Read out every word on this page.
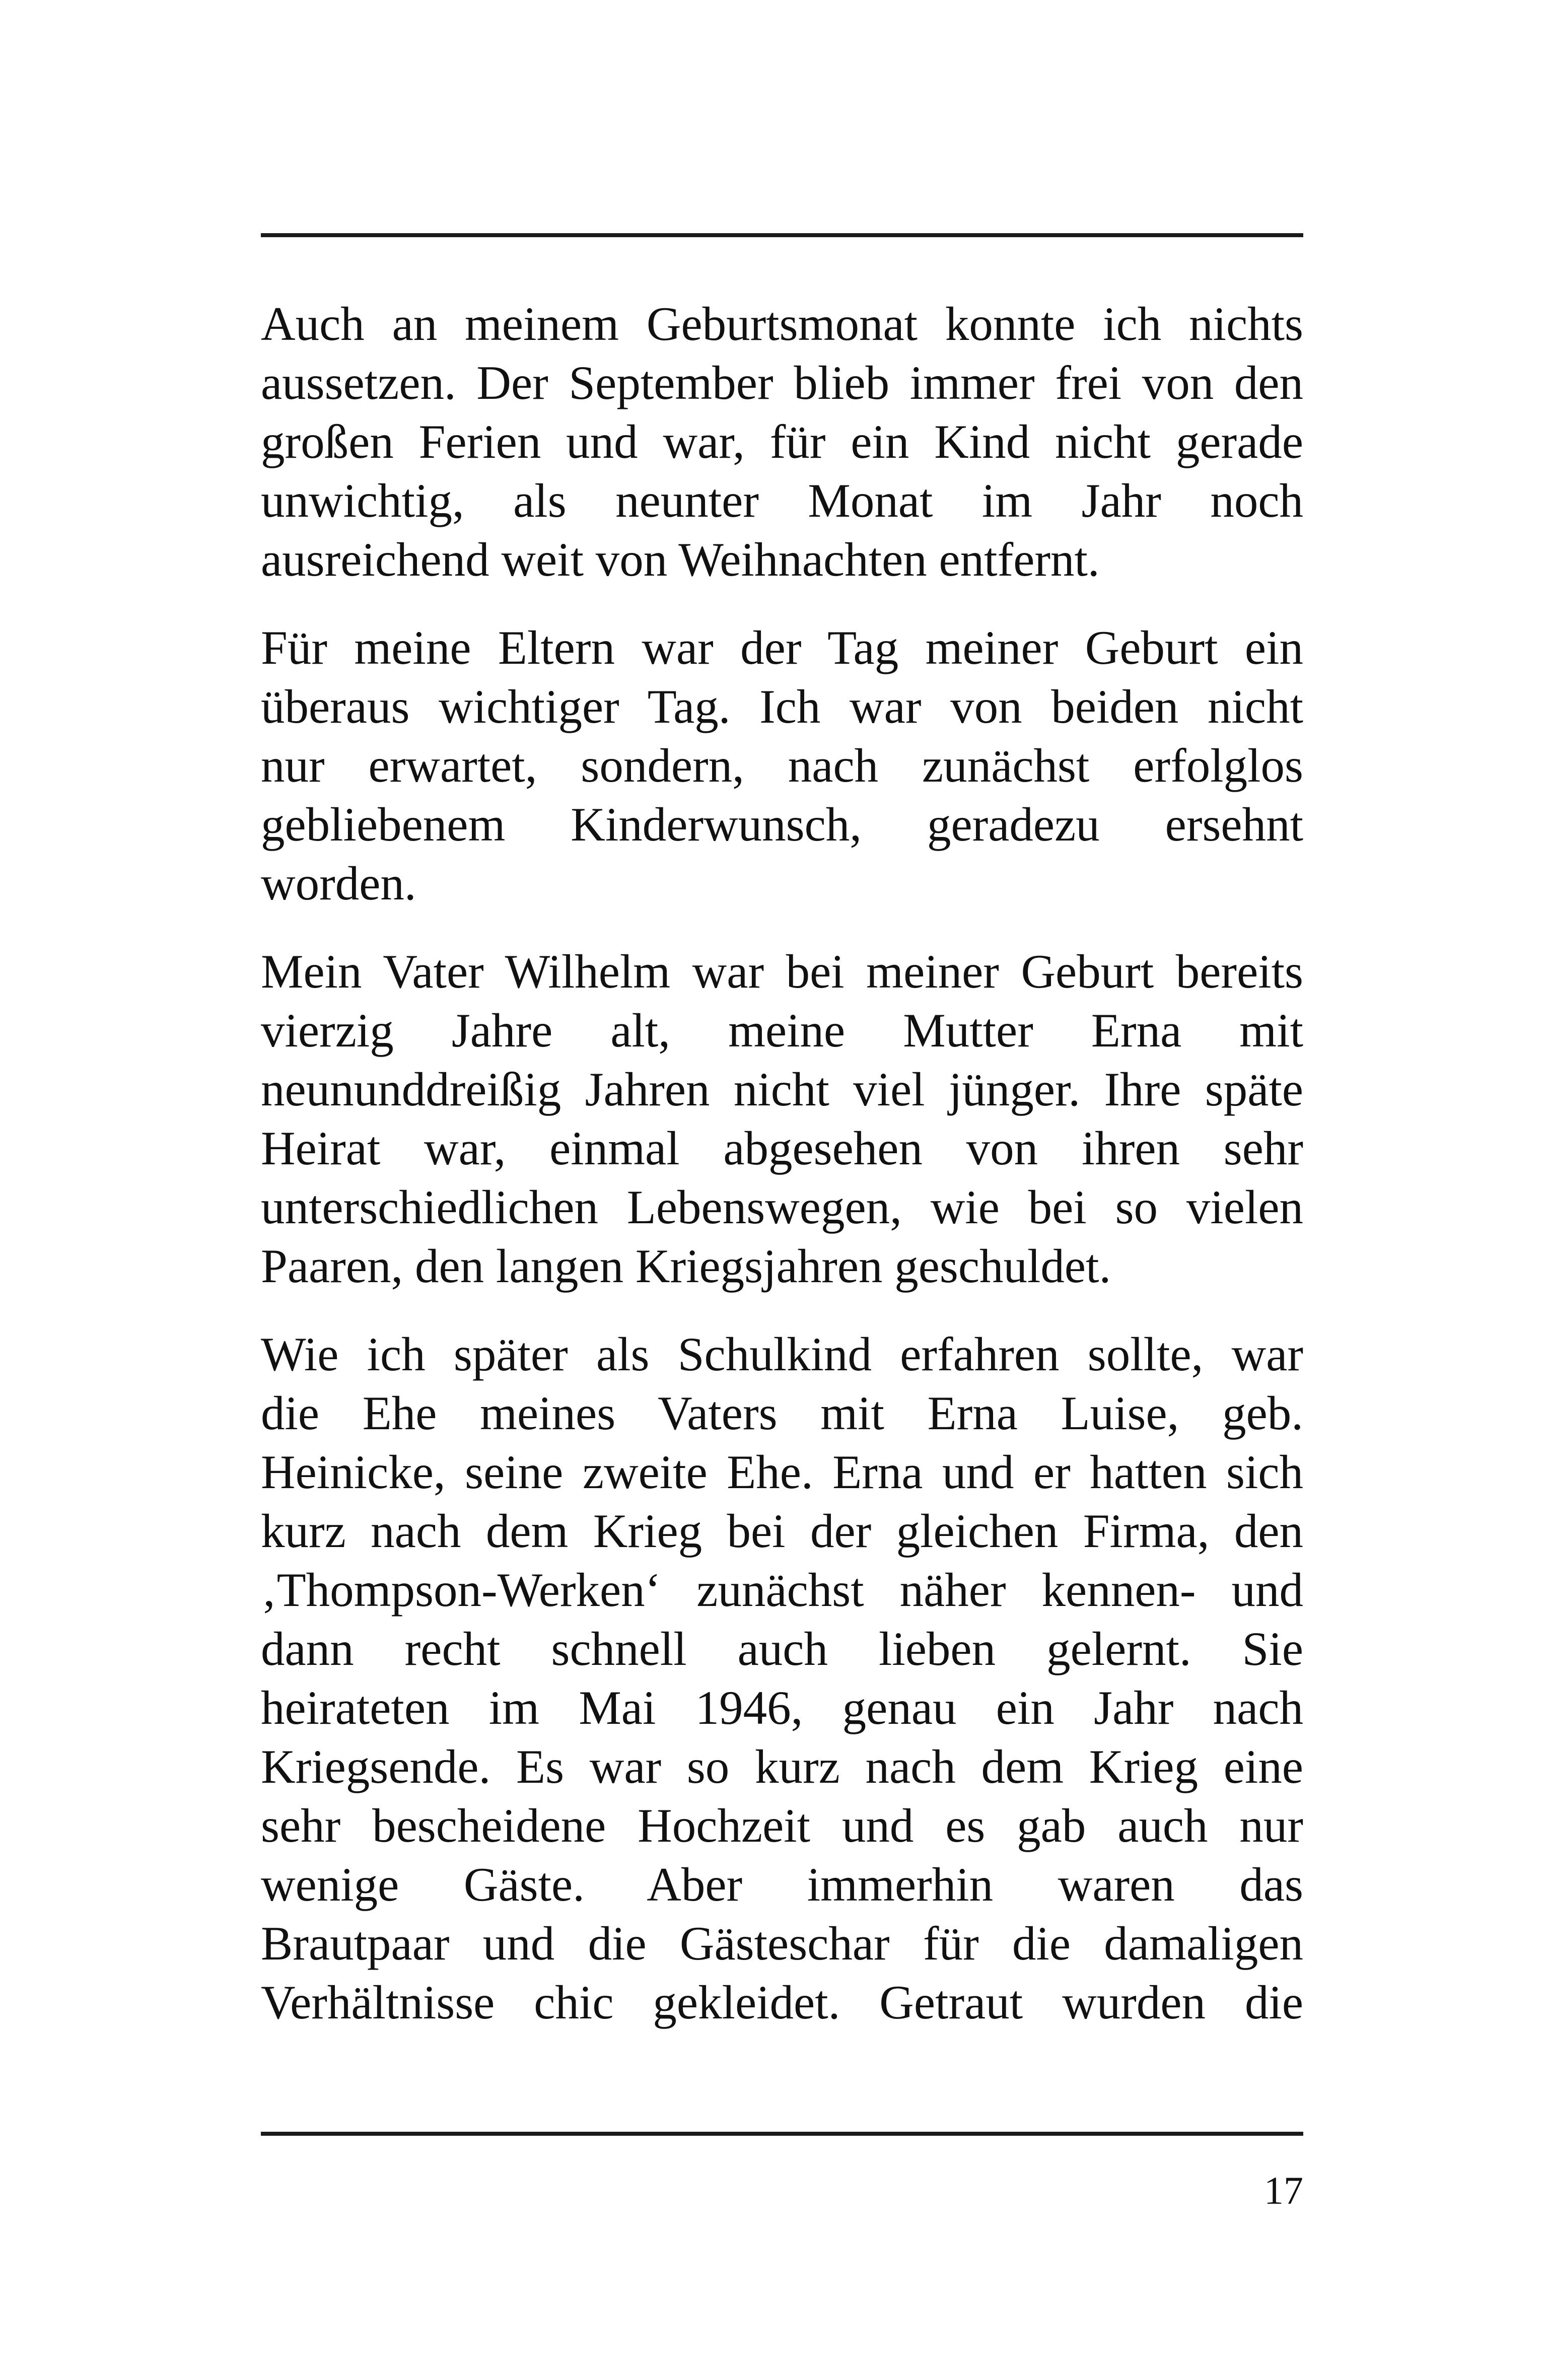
Auch an meinem Geburtsmonat konnte ich nichts
aussetzen. Der September blieb immer frei von den
großen Ferien und war, für ein Kind nicht gerade
unwichtig, als neunter Monat im Jahr noch
ausreichend weit von Weihnachten entfernt.

Für meine Eltern war der Tag meiner Geburt ein
überaus wichtiger Tag. Ich war von beiden nicht
nur erwartet, sondern, nach zunächst erfolglos
gebliebenem Kinderwunsch, geradezu ersehnt
worden.

Mein Vater Wilhelm war bei meiner Geburt bereits
vierzig Jahre alt, meine Mutter Erna mit
neununddreißig Jahren nicht viel jünger. Ihre späte
Heirat war, einmal abgesehen von ihren sehr
unterschiedlichen Lebenswegen, wie bei so vielen
Paaren, den langen Kriegsjahren geschuldet.

Wie ich später als Schulkind erfahren sollte, war
die Ehe meines Vaters mit Erna Luise, geb.
Heinicke, seine zweite Ehe. Erna und er hatten sich
kurz nach dem Krieg bei der gleichen Firma, den
‚Thompson-Werken‘ zunächst näher kennen- und
dann recht schnell auch lieben gelernt. Sie
heirateten im Mai 1946, genau ein Jahr nach
Kriegsende. Es war so kurz nach dem Krieg eine
sehr bescheidene Hochzeit und es gab auch nur
wenige Gäste. Aber immerhin waren das
Brautpaar und die Gästeschar für die damaligen
Verhältnisse chic gekleidet. Getraut wurden die

17
